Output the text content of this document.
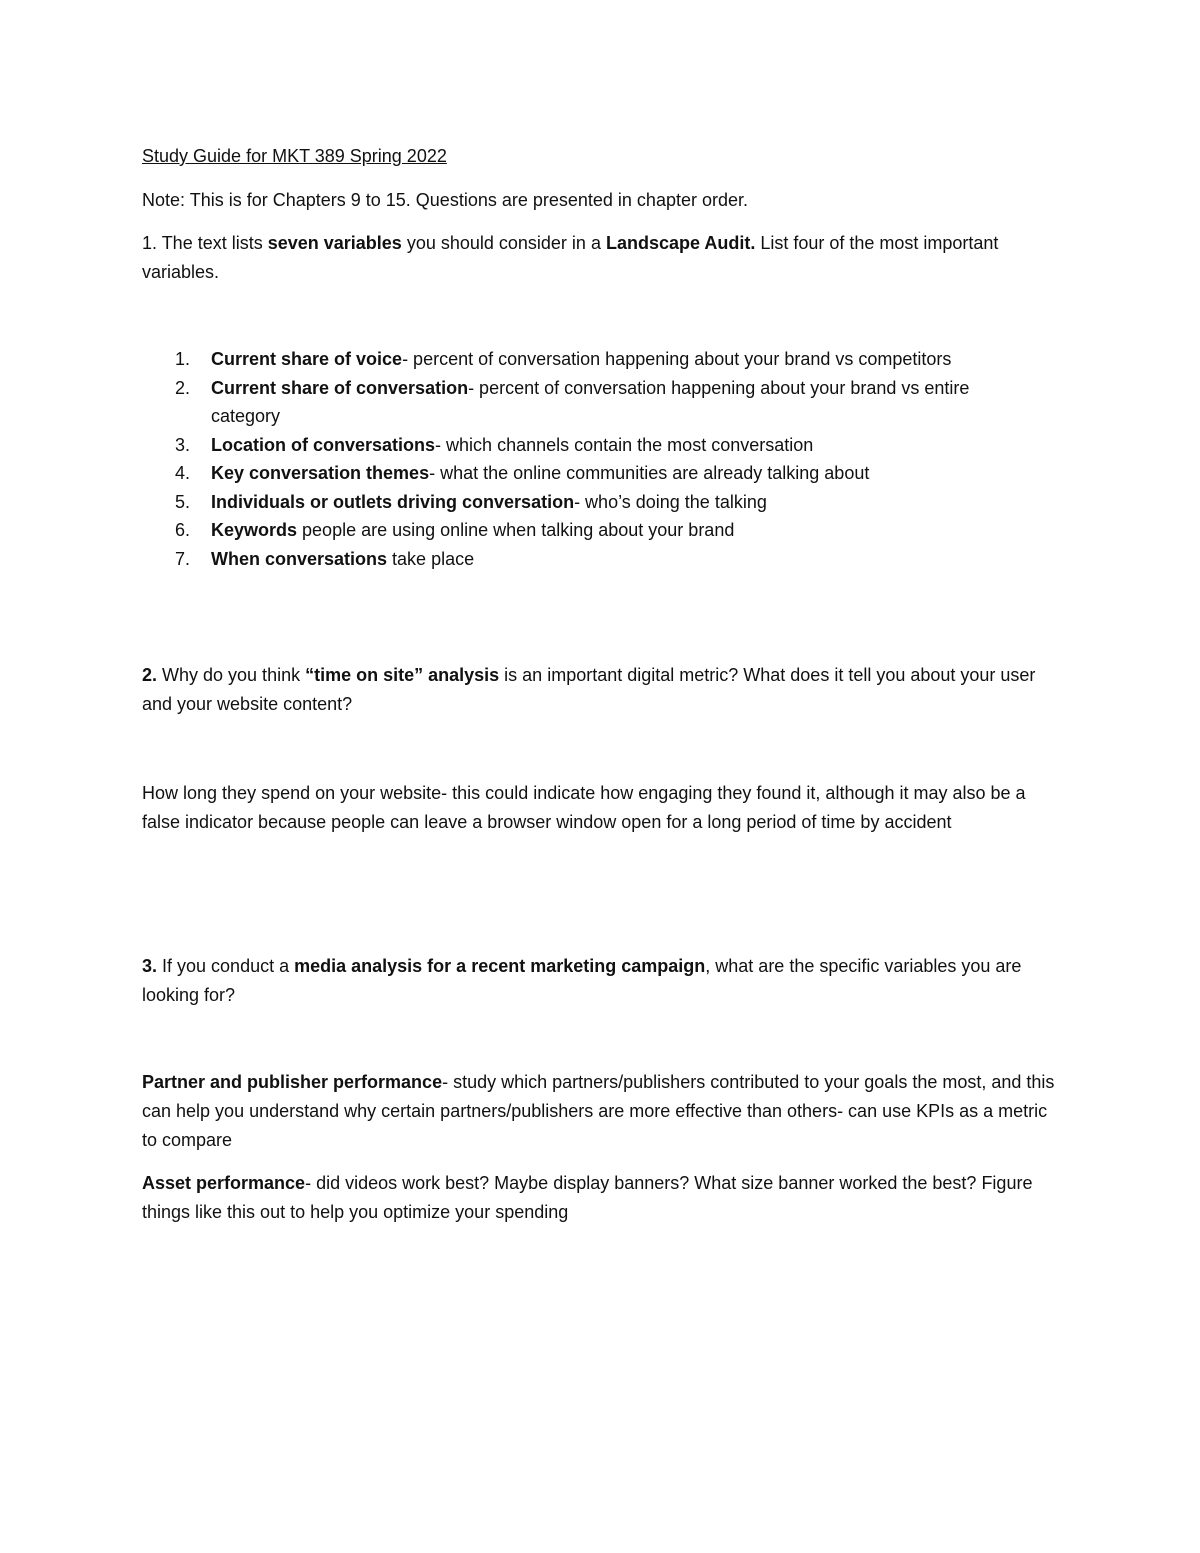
Study Guide for MKT 389 Spring 2022

Note: This is for Chapters 9 to 15. Questions are presented in chapter order.

1. The text lists seven variables you should consider in a Landscape Audit. List four of the most important variables.

1. Current share of voice- percent of conversation happening about your brand vs competitors
2. Current share of conversation- percent of conversation happening about your brand vs entire category
3. Location of conversations- which channels contain the most conversation
4. Key conversation themes- what the online communities are already talking about
5. Individuals or outlets driving conversation- who’s doing the talking
6. Keywords people are using online when talking about your brand
7. When conversations take place

2. Why do you think “time on site” analysis is an important digital metric? What does it tell you about your user and your website content?

How long they spend on your website- this could indicate how engaging they found it, although it may also be a false indicator because people can leave a browser window open for a long period of time by accident

3. If you conduct a media analysis for a recent marketing campaign, what are the specific variables you are looking for?

Partner and publisher performance- study which partners/publishers contributed to your goals the most, and this can help you understand why certain partners/publishers are more effective than others- can use KPIs as a metric to compare

Asset performance- did videos work best? Maybe display banners? What size banner worked the best? Figure things like this out to help you optimize your spending
